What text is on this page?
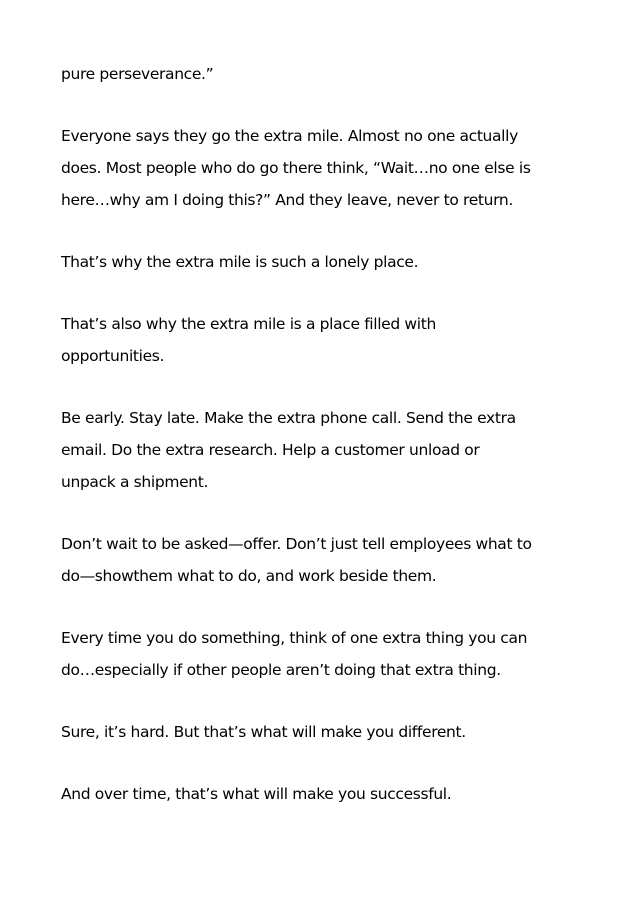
pure perseverance.”

Everyone says they go the extra mile. Almost no one actually
does. Most people who do go there think, “Wait…no one else is
here…why am I doing this?” And they leave, never to return.

That’s why the extra mile is such a lonely place.

That’s also why the extra mile is a place filled with
opportunities.

Be early. Stay late. Make the extra phone call. Send the extra
email. Do the extra research. Help a customer unload or
unpack a shipment.

Don’t wait to be asked—offer. Don’t just tell employees what to
do—showthem what to do, and work beside them.

Every time you do something, think of one extra thing you can
do…especially if other people aren’t doing that extra thing.

Sure, it’s hard. But that’s what will make you different.

And over time, that’s what will make you successful.
